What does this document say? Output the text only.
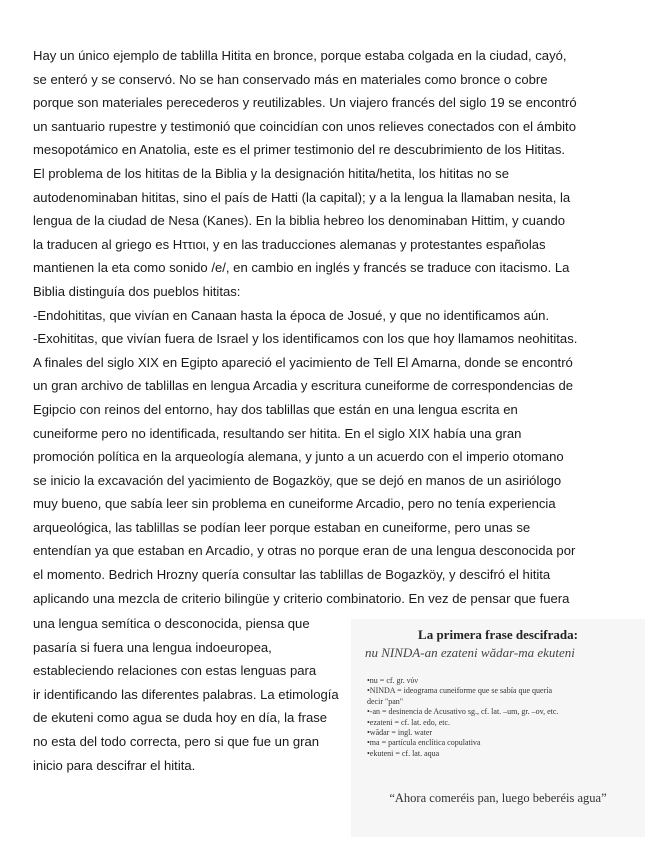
Hay un único ejemplo de tablilla Hitita en bronce, porque estaba colgada en la ciudad, cayó,
se enteró y se conservó. No se han conservado más en materiales como bronce o cobre
porque son materiales perecederos y reutilizables. Un viajero francés del siglo 19 se encontró
un santuario rupestre y testimonió que coincidían con unos relieves conectados con el ámbito
mesopotámico en Anatolia, este es el primer testimonio del re descubrimiento de los Hititas.
El problema de los hititas de la Biblia y la designación hitita/hetita, los hititas no se
autodenominaban hititas, sino el país de Hatti (la capital); y a la lengua la llamaban nesita, la
lengua de la ciudad de Nesa (Kanes). En la biblia hebreo los denominaban Hittim, y cuando
la traducen al griego es Ηττιοι, y en las traducciones alemanas y protestantes españolas
mantienen la eta como sonido /e/, en cambio en inglés y francés se traduce con itacismo. La
Biblia distinguía dos pueblos hititas:
-Endohititas, que vivían en Canaan hasta la época de Josué, y que no identificamos aún.
-Exohititas, que vivían fuera de Israel y los identificamos con los que hoy llamamos neohititas.
A finales del siglo XIX en Egipto apareció el yacimiento de Tell El Amarna, donde se encontró
un gran archivo de tablillas en lengua Arcadia y escritura cuneiforme de correspondencias de
Egipcio con reinos del entorno, hay dos tablillas que están en una lengua escrita en
cuneiforme pero no identificada, resultando ser hitita. En el siglo XIX había una gran
promoción política en la arqueología alemana, y junto a un acuerdo con el imperio otomano
se inicio la excavación del yacimiento de Bogazköy, que se dejó en manos de un asiriólogo
muy bueno, que sabía leer sin problema en cuneiforme Arcadio, pero no tenía experiencia
arqueológica, las tablillas se podían leer porque estaban en cuneiforme, pero unas se
entendían ya que estaban en Arcadio, y otras no porque eran de una lengua desconocida por
el momento. Bedrich Hrozny quería consultar las tablillas de Bogazköy, y descifró el hitita
aplicando una mezcla de criterio bilingüe y criterio combinatorio. En vez de pensar que fuera
una lengua semítica o desconocida, piensa que
pasaría si fuera una lengua indoeuropea,
estableciendo relaciones con estas lenguas para
ir identificando las diferentes palabras. La etimología
de ekuteni como agua se duda hoy en día, la frase
no esta del todo correcta, pero si que fue un gran
inicio para descifrar el hitita.
La primera frase descifrada:
nu NINDA-an ezateni wădar-ma ekuteni
•nu = cf. gr. νύν
•NINDA = ideograma cuneiforme que se sabía que quería
decir "pan"
•-an = desinencia de Acusativo sg., cf. lat. –um, gr. –ov, etc.
•ezateni = cf. lat. edo, etc.
•wădar = ingl. water
•ma = partícula enclítica copulativa
•ekuteni = cf. lat. aqua
“Ahora comeréis pan, luego beberéis agua”
